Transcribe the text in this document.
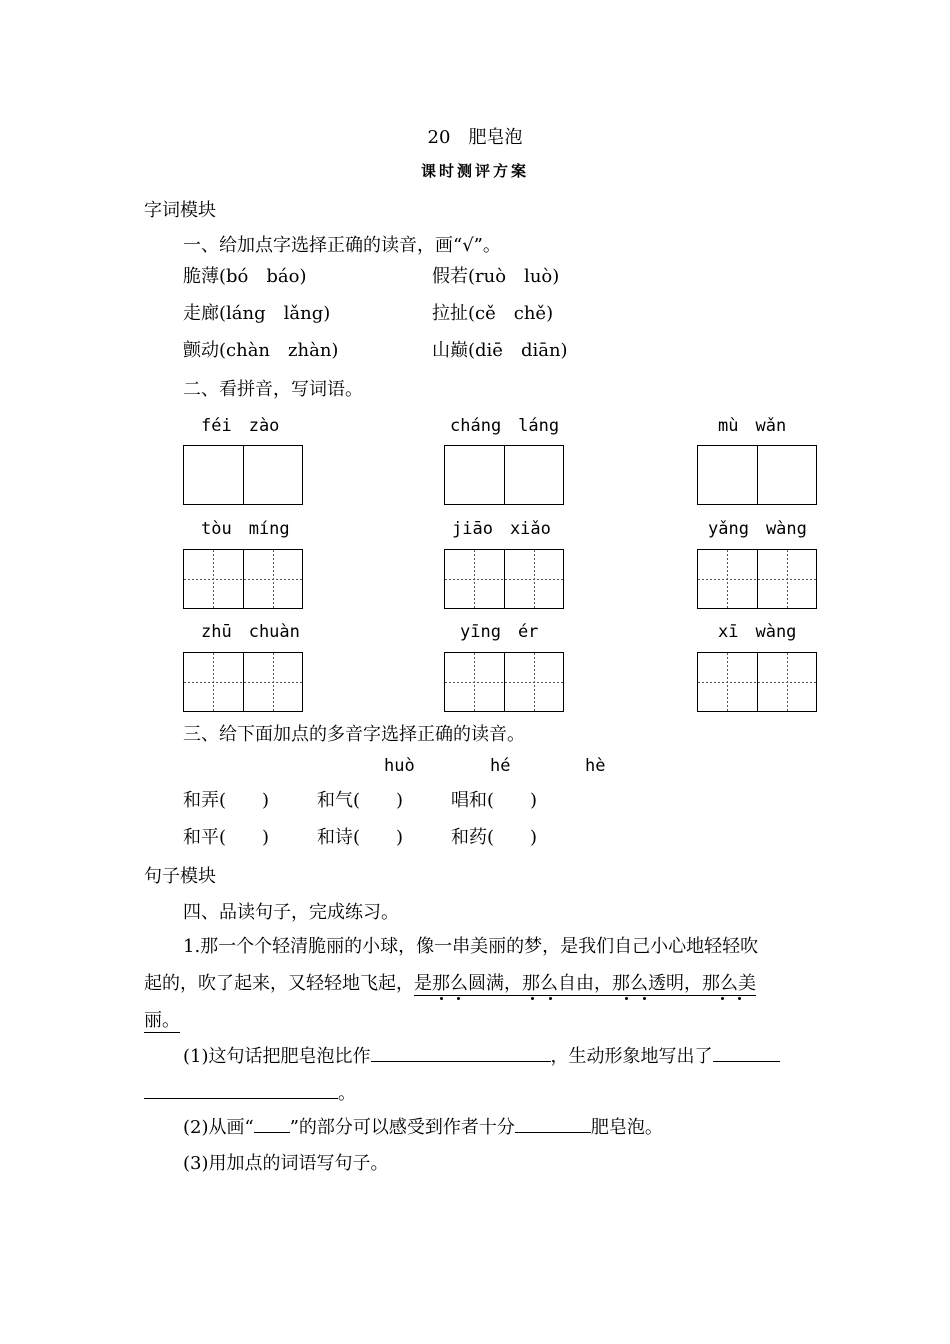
20 肥皂泡
课时测评方案
字词模块
一、给加点字选择正确的读音，画“√”。
脆薄(bó　báo)	假若(ruò　luò)
走廊(láng　lǎng)	拉扯(cě　chě)
颤动(chàn　zhàn)	山巅(diē　diān)
二、看拼音，写词语。
féi　zào	cháng　láng	mù　wǎn
tòu　míng	jiāo　xiǎo	yǎng　wàng
zhū　chuàn	yīng　ér	xī　wàng
三、给下面加点的多音字选择正确的读音。
huò	hé	hè
和弄(　　)	和气(　　)	唱和(　　)
和平(　　)	和诗(　　)	和药(　　)
句子模块
四、品读句子，完成练习。
1.那一个个轻清脆丽的小球，像一串美丽的梦，是我们自己小心地轻轻吹
起的，吹了起来，又轻轻地飞起，是那么圆满，那么自由，那么透明，那么美
丽。
(1)这句话把肥皂泡比作	，生动形象地写出了
。
(2)从画“ ”的部分可以感受到作者十分	肥皂泡。
(3)用加点的词语写句子。
